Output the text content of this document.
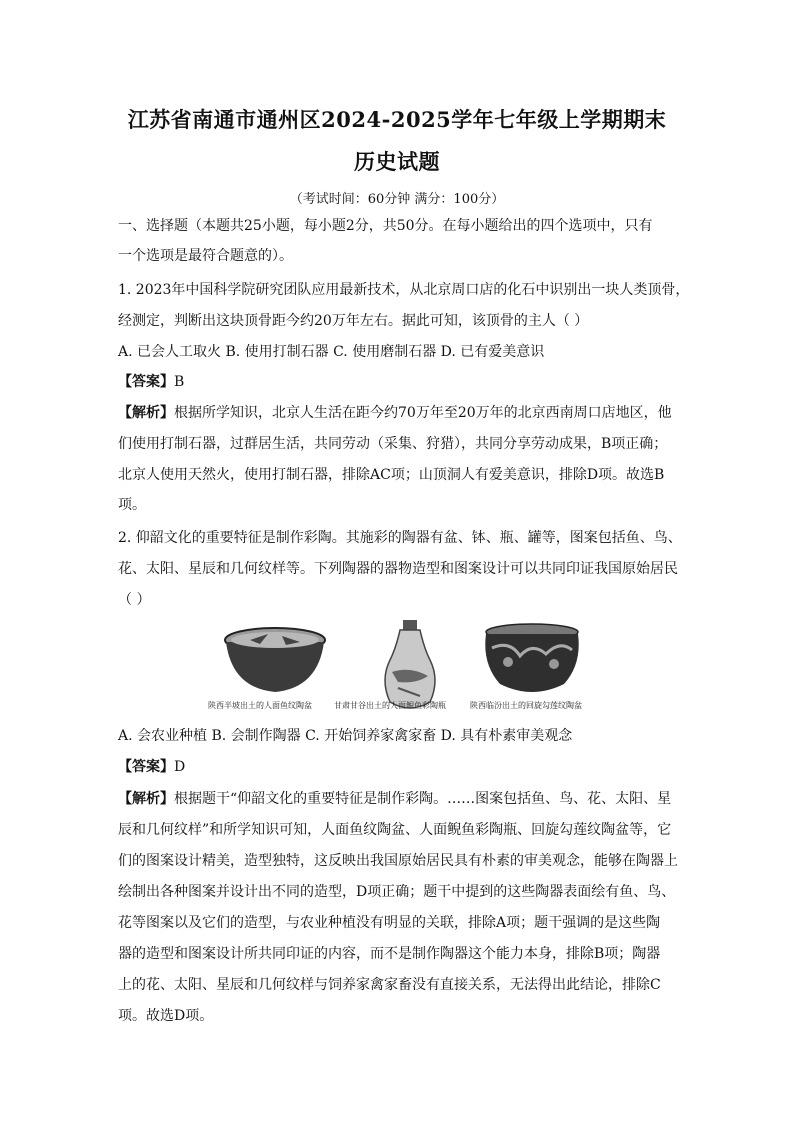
江苏省南通市通州区2024-2025学年七年级上学期期末
历史试题
（考试时间：60分钟 满分：100分）
一、选择题（本题共25小题，每小题2分，共50分。在每小题给出的四个选项中，只有
一个选项是最符合题意的）。
1. 2023年中国科学院研究团队应用最新技术，从北京周口店的化石中识别出一块人类顶骨，
经测定，判断出这块顶骨距今约20万年左右。据此可知，该顶骨的主人（ ）
A. 已会人工取火 B. 使用打制石器 C. 使用磨制石器 D. 已有爱美意识
【答案】B
【解析】根据所学知识，北京人生活在距今约70万年至20万年的北京西南周口店地区，他
们使用打制石器，过群居生活，共同劳动（采集、狩猎），共同分享劳动成果，B项正确；
北京人使用天然火，使用打制石器，排除AC项；山顶洞人有爱美意识，排除D项。故选B
项。
2. 仰韶文化的重要特征是制作彩陶。其施彩的陶器有盆、钵、瓶、罐等，图案包括鱼、鸟、
花、太阳、星辰和几何纹样等。下列陶器的器物造型和图案设计可以共同印证我国原始居民
（ ）
陕西半坡出土的人面鱼纹陶盆	甘肃甘谷出土的人面鲵鱼彩陶瓶	陕西临汾出土的回旋勾莲纹陶盆
A. 会农业种植 B. 会制作陶器 C. 开始饲养家禽家畜 D. 具有朴素审美观念
【答案】D
【解析】根据题干“仰韶文化的重要特征是制作彩陶。……图案包括鱼、鸟、花、太阳、星
辰和几何纹样”和所学知识可知，人面鱼纹陶盆、人面鲵鱼彩陶瓶、回旋勾莲纹陶盆等，它
们的图案设计精美，造型独特，这反映出我国原始居民具有朴素的审美观念，能够在陶器上
绘制出各种图案并设计出不同的造型，D项正确；题干中提到的这些陶器表面绘有鱼、鸟、
花等图案以及它们的造型，与农业种植没有明显的关联，排除A项；题干强调的是这些陶
器的造型和图案设计所共同印证的内容，而不是制作陶器这个能力本身，排除B项；陶器
上的花、太阳、星辰和几何纹样与饲养家禽家畜没有直接关系，无法得出此结论，排除C
项。故选D项。
